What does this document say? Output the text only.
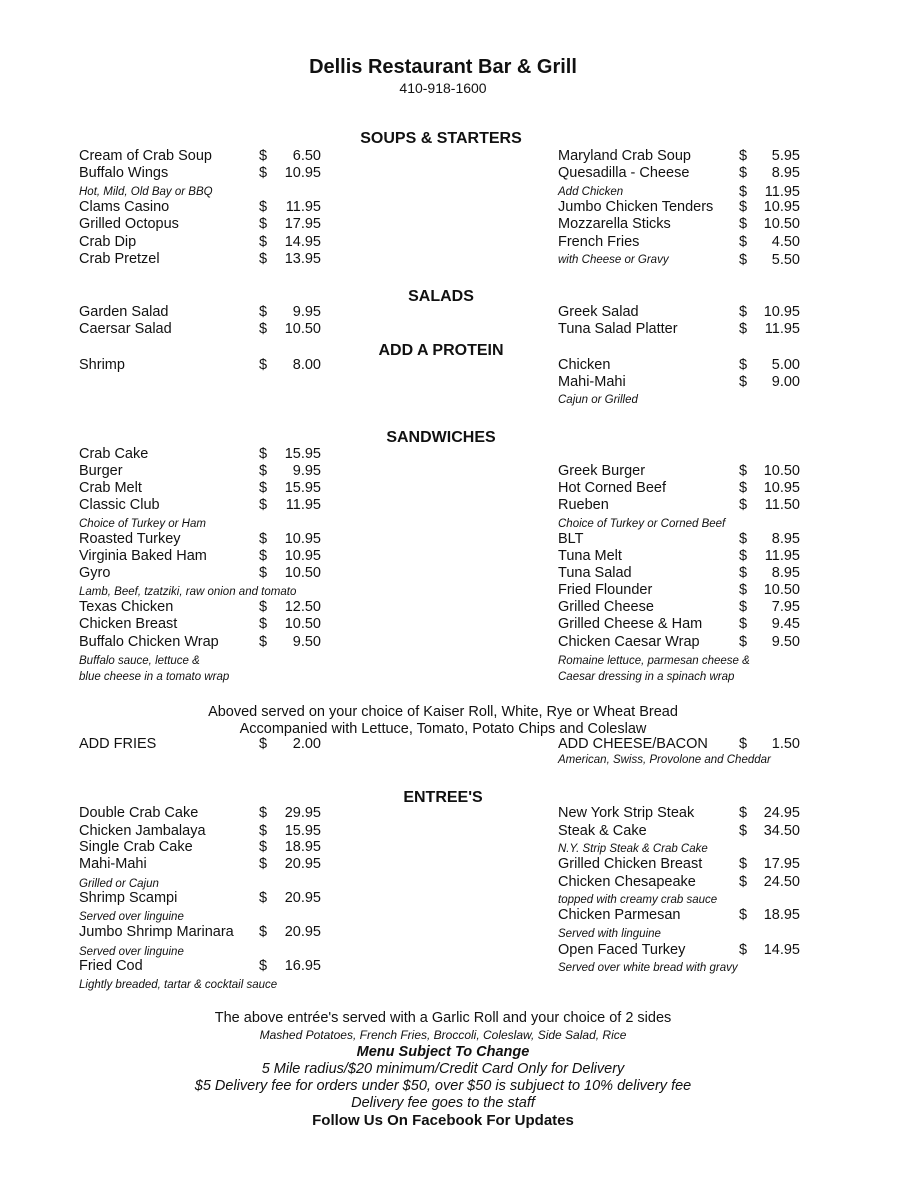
Dellis Restaurant Bar & Grill
410-918-1600
SOUPS & STARTERS
SALADS
ADD A PROTEIN
SANDWICHES
ENTREE'S
Aboved served on your choice of Kaiser Roll, White, Rye or Wheat Bread
Accompanied with Lettuce, Tomato, Potato Chips and Coleslaw
ADD FRIES	$	2.00	ADD CHEESE/BACON $	1.50
American, Swiss, Provolone and Cheddar
The above entrée's served with a Garlic Roll and your choice of 2 sides
Mashed Potatoes, French Fries, Broccoli, Coleslaw, Side Salad, Rice
Menu Subject To Change
5 Mile radius/$20 minimum/Credit Card Only for Delivery
$5 Delivery fee for orders under $50, over $50 is subjuect to 10% delivery fee
Delivery fee goes to the staff
Follow Us On Facebook For Updates
Cream of Crab Soup	$	6.50
Buffalo Wings	$	10.95
Hot, Mild, Old Bay or BBQ
Clams Casino	$	11.95
Grilled Octopus	$	17.95
Crab Dip	$	14.95
Crab Pretzel	$	13.95
Maryland Crab Soup	$	5.95
Quesadilla - Cheese	$	8.95
Add Chicken	$	11.95
Jumbo Chicken Tenders $	10.95
Mozzarella Sticks	$	10.50
French Fries	$	4.50
with Cheese or Gravy	$	5.50
Garden Salad	$	9.95
Caersar Salad	$	10.50
Greek Salad	$	10.95
Tuna Salad Platter	$	11.95
Shrimp	$	8.00	Chicken	$	5.00
Mahi-Mahi	$	9.00
Cajun or Grilled
Crab Cake	$	15.95
Burger	$	9.95
Crab Melt	$	15.95
Classic Club	$	11.95
Choice of Turkey or Ham
Roasted Turkey	$	10.95
Virginia Baked Ham	$	10.95
Gyro	$	10.50
Lamb, Beef, tzatziki, raw onion and tomato
Texas Chicken	$	12.50
Chicken Breast	$	10.50
Buffalo Chicken Wrap	$	9.50
Buffalo sauce, lettuce &
blue cheese in a tomato wrap
Greek Burger	$	10.50
Hot Corned Beef	$	10.95
Rueben	$	11.50
Choice of Turkey or Corned Beef
BLT	$	8.95
Tuna Melt	$	11.95
Tuna Salad	$	8.95
Fried Flounder	$	10.50
Grilled Cheese	$	7.95
Grilled Cheese & Ham	$	9.45
Chicken Caesar Wrap	$	9.50
Romaine lettuce, parmesan cheese &
Caesar dressing in a spinach wrap
Double Crab Cake	$	29.95
Chicken Jambalaya	$	15.95
Single Crab Cake	$	18.95
Mahi-Mahi	$	20.95
Grilled or Cajun
Shrimp Scampi	$	20.95
Served over linguine
Jumbo Shrimp Marinara $	20.95
Served over linguine
Fried Cod	$	16.95
Lightly breaded, tartar & cocktail sauce
New York Strip Steak	$	24.95
Steak & Cake	$	34.50
N.Y. Strip Steak & Crab Cake
Grilled Chicken Breast	$	17.95
Chicken Chesapeake	$	24.50
topped with creamy crab sauce
Chicken Parmesan	$	18.95
Served with linguine
Open Faced Turkey	$	14.95
Served over white bread with gravy
